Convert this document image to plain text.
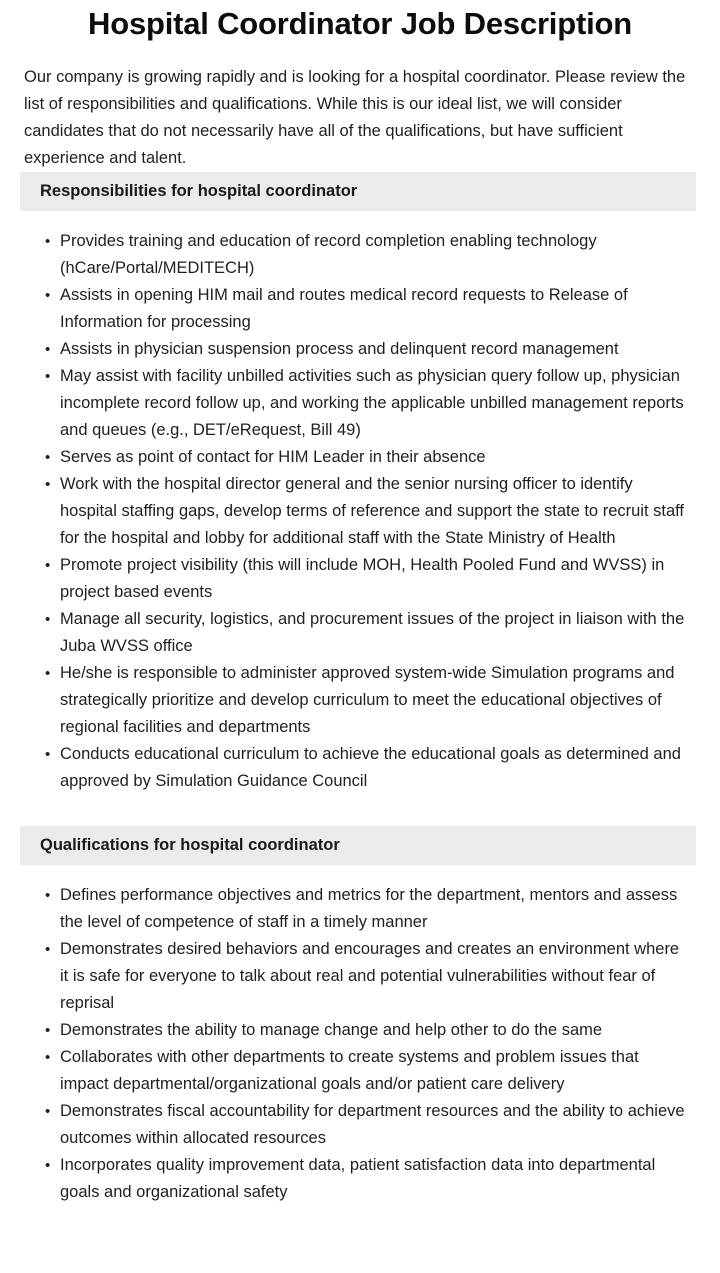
Hospital Coordinator Job Description

Our company is growing rapidly and is looking for a hospital coordinator. Please review the list of responsibilities and qualifications. While this is our ideal list, we will consider candidates that do not necessarily have all of the qualifications, but have sufficient experience and talent.

Responsibilities for hospital coordinator
• Provides training and education of record completion enabling technology (hCare/Portal/MEDITECH)
• Assists in opening HIM mail and routes medical record requests to Release of Information for processing
• Assists in physician suspension process and delinquent record management
• May assist with facility unbilled activities such as physician query follow up, physician incomplete record follow up, and working the applicable unbilled management reports and queues (e.g., DET/eRequest, Bill 49)
• Serves as point of contact for HIM Leader in their absence
• Work with the hospital director general and the senior nursing officer to identify hospital staffing gaps, develop terms of reference and support the state to recruit staff for the hospital and lobby for additional staff with the State Ministry of Health
• Promote project visibility (this will include MOH, Health Pooled Fund and WVSS) in project based events
• Manage all security, logistics, and procurement issues of the project in liaison with the Juba WVSS office
• He/she is responsible to administer approved system-wide Simulation programs and strategically prioritize and develop curriculum to meet the educational objectives of regional facilities and departments
• Conducts educational curriculum to achieve the educational goals as determined and approved by Simulation Guidance Council
Qualifications for hospital coordinator
• Defines performance objectives and metrics for the department, mentors and assess the level of competence of staff in a timely manner
• Demonstrates desired behaviors and encourages and creates an environment where it is safe for everyone to talk about real and potential vulnerabilities without fear of reprisal
• Demonstrates the ability to manage change and help other to do the same
• Collaborates with other departments to create systems and problem issues that impact departmental/organizational goals and/or patient care delivery
• Demonstrates fiscal accountability for department resources and the ability to achieve outcomes within allocated resources
• Incorporates quality improvement data, patient satisfaction data into departmental goals and organizational safety
